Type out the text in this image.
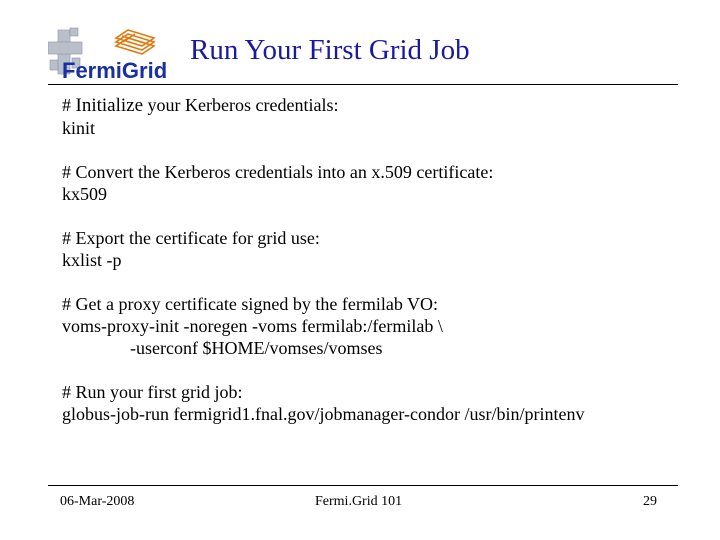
FermiGrid
Run Your First Grid Job
# Initialize your Kerberos credentials:
kinit
# Convert the Kerberos credentials into an x.509 certificate:
kx509
# Export the certificate for grid use:
kxlist -p
# Get a proxy certificate signed by the fermilab VO:
voms-proxy-init -noregen -voms fermilab:/fermilab \
-userconf $HOME/vomses/vomses
# Run your first grid job:
globus-job-run fermigrid1.fnal.gov/jobmanager-condor /usr/bin/printenv
06-Mar-2008	Fermi.Grid 101	29
